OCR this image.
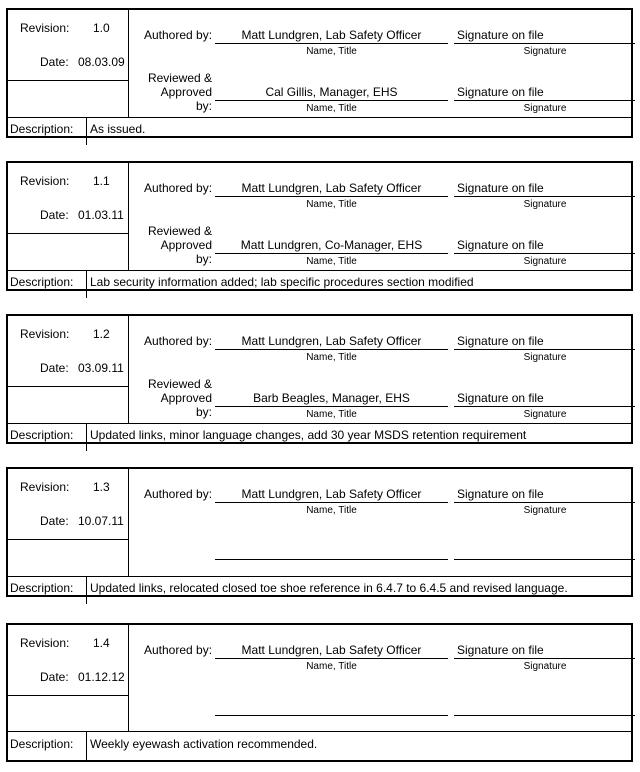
Revision: 1.0
Date: 08.03.09
Authored by:	Matt Lundgren, Lab Safety Officer	Signature on file
Name, Title	Signature
Reviewed & Approved by:
Cal Gillis, Manager, EHS	Signature on file
Name, Title	Signature
Description: As issued.
Revision: 1.1
Date: 01.03.11
Authored by:	Matt Lundgren, Lab Safety Officer	Signature on file
Name, Title	Signature
Reviewed & Approved by:
Matt Lundgren, Co-Manager, EHS	Signature on file
Name, Title	Signature
Description: Lab security information added; lab specific procedures section modified
Revision: 1.2
Date: 03.09.11
Authored by:	Matt Lundgren, Lab Safety Officer	Signature on file
Name, Title	Signature
Reviewed & Approved by:
Barb Beagles, Manager, EHS	Signature on file
Name, Title	Signature
Description: Updated links, minor language changes, add 30 year MSDS retention requirement
Revision: 1.3
Date: 10.07.11
Authored by:	Matt Lundgren, Lab Safety Officer	Signature on file
Name, Title	Signature
Description: Updated links, relocated closed toe shoe reference in 6.4.7 to 6.4.5 and revised language.
Revision: 1.4
Date: 01.12.12
Authored by:	Matt Lundgren, Lab Safety Officer	Signature on file
Name, Title	Signature
Description: Weekly eyewash activation recommended.
